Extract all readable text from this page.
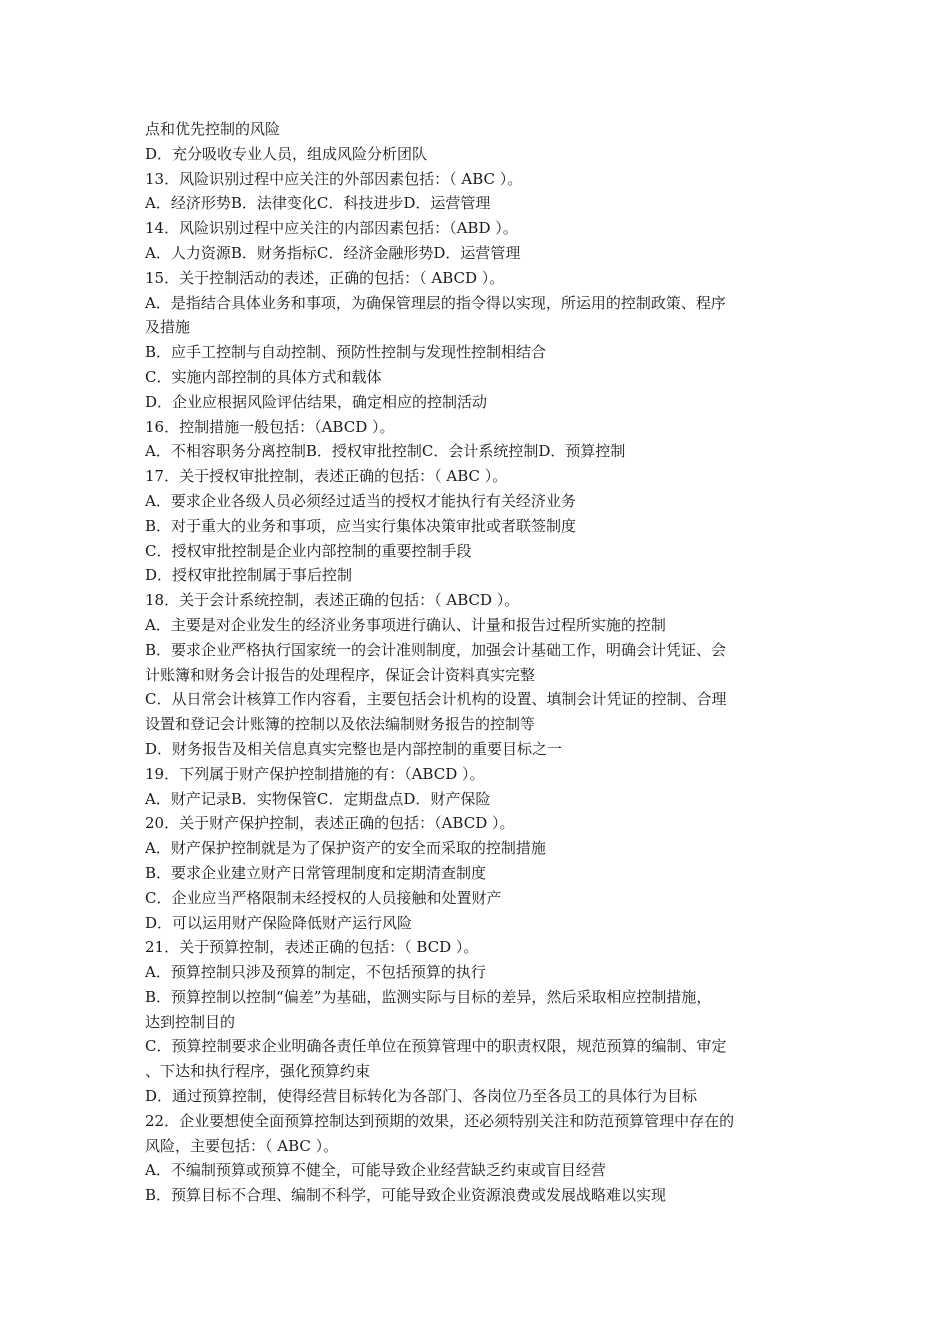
点和优先控制的风险
D．充分吸收专业人员，组成风险分析团队
13．风险识别过程中应关注的外部因素包括：（ ABC ）。
A．经济形势B．法律变化C．科技进步D．运营管理
14．风险识别过程中应关注的内部因素包括：（ABD ）。
A．人力资源B．财务指标C．经济金融形势D．运营管理
15．关于控制活动的表述，正确的包括：（ ABCD ）。
A．是指结合具体业务和事项，为确保管理层的指令得以实现，所运用的控制政策、程序
及措施
B．应手工控制与自动控制、预防性控制与发现性控制相结合
C．实施内部控制的具体方式和载体
D．企业应根据风险评估结果，确定相应的控制活动
16．控制措施一般包括：（ABCD ）。
A．不相容职务分离控制B．授权审批控制C．会计系统控制D．预算控制
17．关于授权审批控制，表述正确的包括：（ ABC ）。
A．要求企业各级人员必须经过适当的授权才能执行有关经济业务
B．对于重大的业务和事项，应当实行集体决策审批或者联签制度
C．授权审批控制是企业内部控制的重要控制手段
D．授权审批控制属于事后控制
18．关于会计系统控制，表述正确的包括：（ ABCD ）。
A．主要是对企业发生的经济业务事项进行确认、计量和报告过程所实施的控制
B．要求企业严格执行国家统一的会计准则制度，加强会计基础工作，明确会计凭证、会
计账簿和财务会计报告的处理程序，保证会计资料真实完整
C．从日常会计核算工作内容看，主要包括会计机构的设置、填制会计凭证的控制、合理
设置和登记会计账簿的控制以及依法编制财务报告的控制等
D．财务报告及相关信息真实完整也是内部控制的重要目标之一
19．下列属于财产保护控制措施的有：（ABCD ）。
A．财产记录B．实物保管C．定期盘点D．财产保险
20．关于财产保护控制，表述正确的包括：（ABCD ）。
A．财产保护控制就是为了保护资产的安全而采取的控制措施
B．要求企业建立财产日常管理制度和定期清查制度
C．企业应当严格限制未经授权的人员接触和处置财产
D．可以运用财产保险降低财产运行风险
21．关于预算控制，表述正确的包括：（ BCD ）。
A．预算控制只涉及预算的制定，不包括预算的执行
B．预算控制以控制“偏差”为基础，监测实际与目标的差异，然后采取相应控制措施，
达到控制目的
C．预算控制要求企业明确各责任单位在预算管理中的职责权限，规范预算的编制、审定
、下达和执行程序，强化预算约束
D．通过预算控制，使得经营目标转化为各部门、各岗位乃至各员工的具体行为目标
22．企业要想使全面预算控制达到预期的效果，还必须特别关注和防范预算管理中存在的
风险，主要包括：（ ABC ）。
A．不编制预算或预算不健全，可能导致企业经营缺乏约束或盲目经营
B．预算目标不合理、编制不科学，可能导致企业资源浪费或发展战略难以实现
